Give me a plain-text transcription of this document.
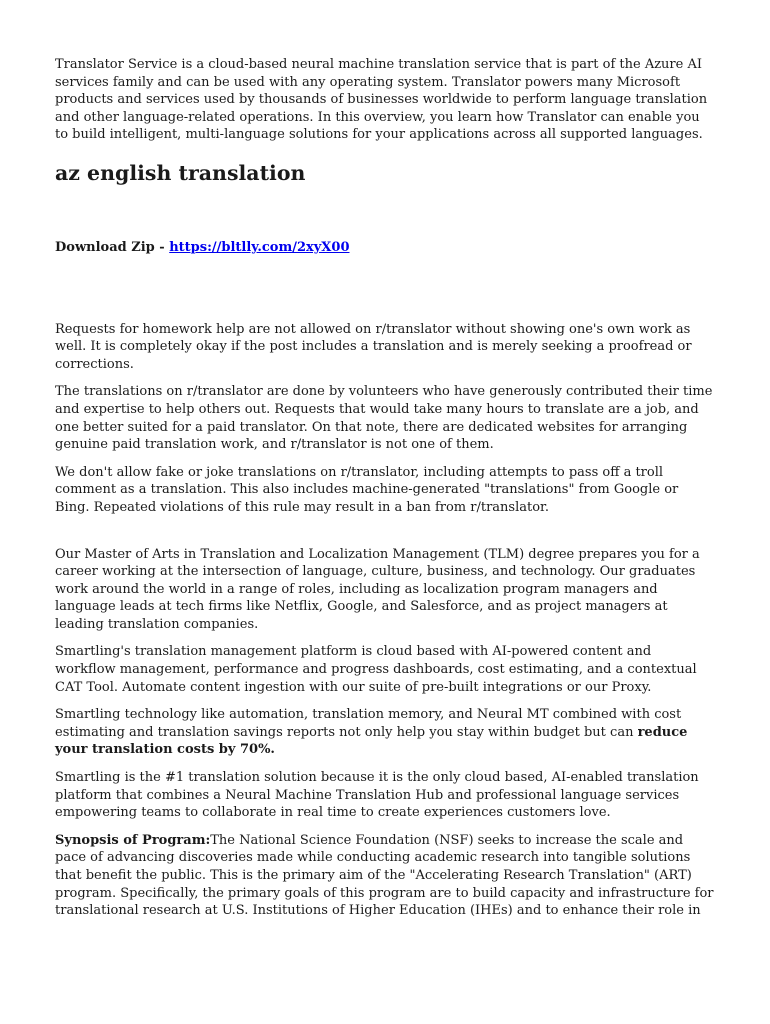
Translator Service is a cloud-based neural machine translation service that is part of the Azure AI services family and can be used with any operating system. Translator powers many Microsoft products and services used by thousands of businesses worldwide to perform language translation and other language-related operations. In this overview, you learn how Translator can enable you to build intelligent, multi-language solutions for your applications across all supported languages.

az english translation

Download Zip - https://bltlly.com/2xyX00

Requests for homework help are not allowed on r/translator without showing one's own work as well. It is completely okay if the post includes a translation and is merely seeking a proofread or corrections.

The translations on r/translator are done by volunteers who have generously contributed their time and expertise to help others out. Requests that would take many hours to translate are a job, and one better suited for a paid translator. On that note, there are dedicated websites for arranging genuine paid translation work, and r/translator is not one of them.

We don't allow fake or joke translations on r/translator, including attempts to pass off a troll comment as a translation. This also includes machine-generated "translations" from Google or Bing. Repeated violations of this rule may result in a ban from r/translator.

Our Master of Arts in Translation and Localization Management (TLM) degree prepares you for a career working at the intersection of language, culture, business, and technology. Our graduates work around the world in a range of roles, including as localization program managers and language leads at tech firms like Netflix, Google, and Salesforce, and as project managers at leading translation companies.

Smartling's translation management platform is cloud based with AI-powered content and workflow management, performance and progress dashboards, cost estimating, and a contextual CAT Tool. Automate content ingestion with our suite of pre-built integrations or our Proxy.

Smartling technology like automation, translation memory, and Neural MT combined with cost estimating and translation savings reports not only help you stay within budget but can reduce your translation costs by 70%.

Smartling is the #1 translation solution because it is the only cloud based, AI-enabled translation platform that combines a Neural Machine Translation Hub and professional language services empowering teams to collaborate in real time to create experiences customers love.

Synopsis of Program:The National Science Foundation (NSF) seeks to increase the scale and pace of advancing discoveries made while conducting academic research into tangible solutions that benefit the public. This is the primary aim of the "Accelerating Research Translation" (ART) program. Specifically, the primary goals of this program are to build capacity and infrastructure for translational research at U.S. Institutions of Higher Education (IHEs) and to enhance their role in
